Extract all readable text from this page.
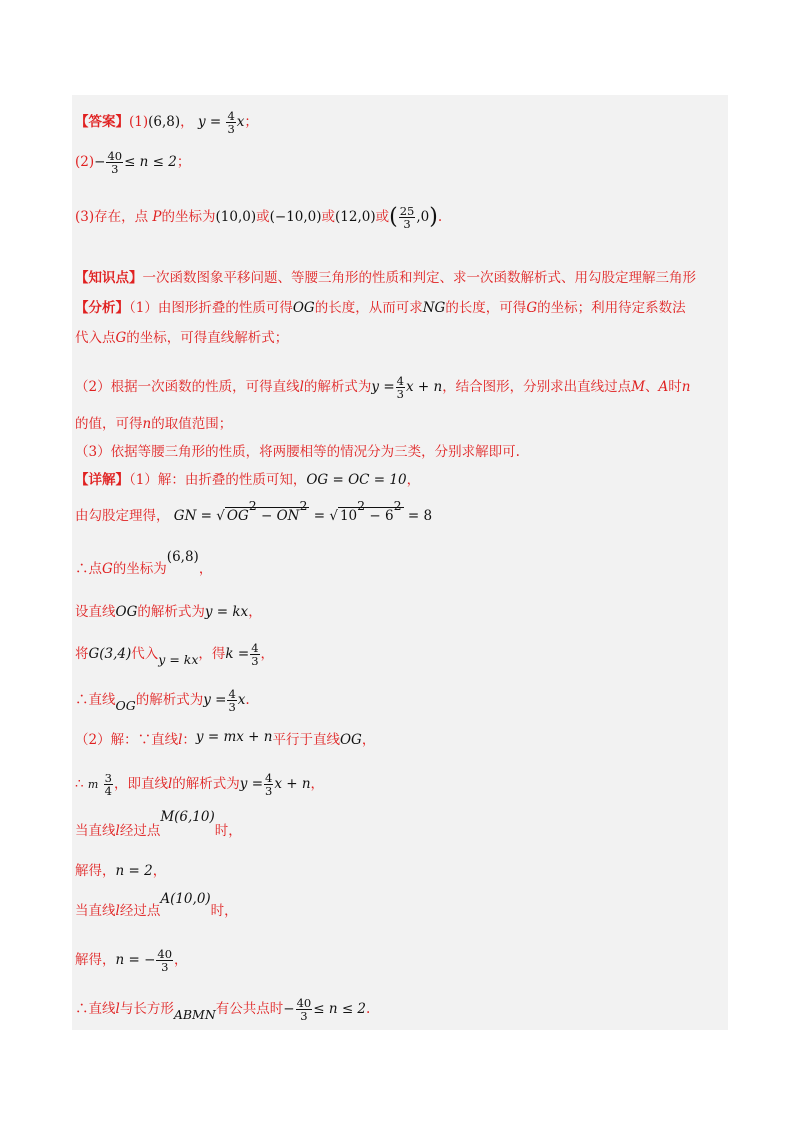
【答案】(1)(6,8)， $y = \frac{4}{3}$ x；
$(2)- \frac{40}{3} \le n \le 2$；
(3)存在，点 P的坐标为(10,0)或(−10,0)或(12,0)或( $\frac{25}{3} ,0$).
【知识点】一次函数图象平移问题、等腰三角形的性质和判定、求一次函数解析式、用勾股定理解三角形
【分析】（1）由图形折叠的性质可得OG的长度，从而可求NG的长度，可得G的坐标；利用待定系数法
代入点G的坐标，可得直线解析式；
（2）根据一次函数的性质，可得直线l的解析式为$y = \frac{4}{3}$ x + n，结合图形，分别求出直线过点M、A时n
的值，可得n的取值范围；
（3）依据等腰三角形的性质，将两腰相等的情况分为三类，分别求解即可.
【详解】（1）解：由折叠的性质可知，OG = OC = 10，
由勾股定理得， GN = √ OG2 − ON2 = √ 102 − 62 = 8
∴点G的坐标为(6,8)，
设直线OG的解析式为y = kx，
将G(3,4)代入y = kx，得$k = \frac{4}{3}$ ，
∴直线OG的解析式为$y = \frac{4}{3} x$.
（2）解：∵直线l：y = mx + n平行于直线OG，
∴ m $\frac{3}{4}$ ，即直线l的解析式为$y = \frac{4}{3}$ x + n，
当直线l经过点M(6,10)时，
解得，n = 2，
当直线l经过点A(10,0)时，
解得，n = − $\frac{40}{3}$ ，
∴直线l与长方形ABMN有公共点时− $\frac{40}{3} \le n \le 2$.
